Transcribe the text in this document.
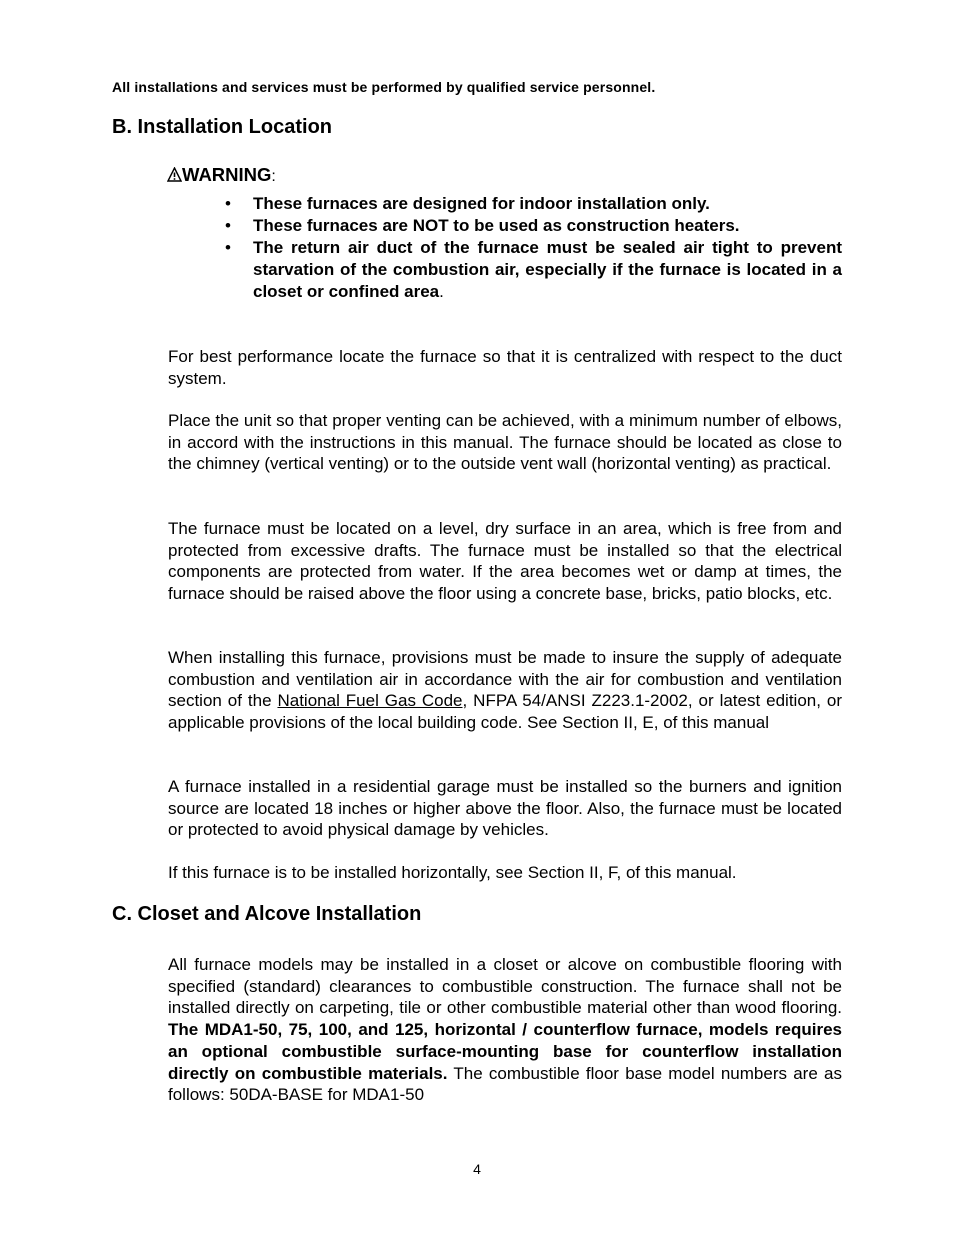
All installations and services must be performed by qualified service personnel.
B. Installation Location
WARNING:
• These furnaces are designed for indoor installation only.
• These furnaces are NOT to be used as construction heaters.
• The return air duct of the furnace must be sealed air tight to prevent starvation of the combustion air, especially if the furnace is located in a closet or confined area.

For best performance locate the furnace so that it is centralized with respect to the duct system.

Place the unit so that proper venting can be achieved, with a minimum number of elbows, in accord with the instructions in this manual. The furnace should be located as close to the chimney (vertical venting) or to the outside vent wall (horizontal venting) as practical.

The furnace must be located on a level, dry surface in an area, which is free from and protected from excessive drafts. The furnace must be installed so that the electrical components are protected from water. If the area becomes wet or damp at times, the furnace should be raised above the floor using a concrete base, bricks, patio blocks, etc.

When installing this furnace, provisions must be made to insure the supply of adequate combustion and ventilation air in accordance with the air for combustion and ventilation section of the National Fuel Gas Code, NFPA 54/ANSI Z223.1-2002, or latest edition, or applicable provisions of the local building code. See Section II, E, of this manual

A furnace installed in a residential garage must be installed so the burners and ignition source are located 18 inches or higher above the floor. Also, the furnace must be located or protected to avoid physical damage by vehicles.

If this furnace is to be installed horizontally, see Section II, F, of this manual.

C. Closet and Alcove Installation

All furnace models may be installed in a closet or alcove on combustible flooring with specified (standard) clearances to combustible construction. The furnace shall not be installed directly on carpeting, tile or other combustible material other than wood flooring. The MDA1-50, 75, 100, and 125, horizontal / counterflow furnace, models requires an optional combustible surface-mounting base for counterflow installation directly on combustible materials. The combustible floor base model numbers are as follows: 50DA-BASE for MDA1-50

4
